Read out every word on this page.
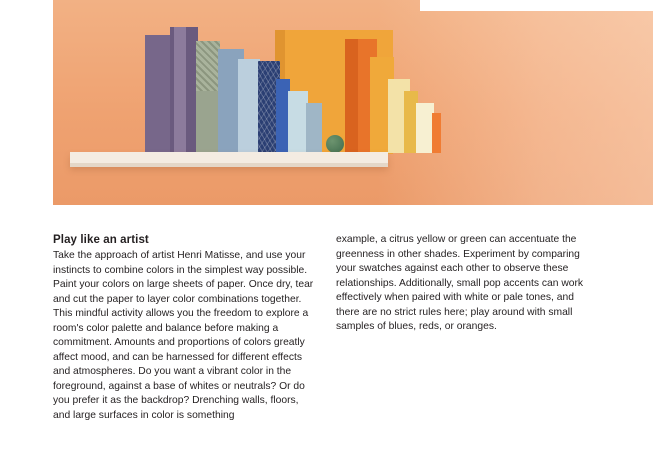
Play like an artist

Take the approach of artist Henri Matisse, and use your instincts to combine colors in the simplest way possible. Paint your colors on large sheets of paper. Once dry, tear and cut the paper to layer color combinations together. This mindful activity allows you the freedom to explore a room's color palette and balance before making a commitment. Amounts and proportions of colors greatly affect mood, and can be harnessed for different effects and atmospheres. Do you want a vibrant color in the foreground, against a base of whites or neutrals? Or do you prefer it as the backdrop? Drenching walls, floors, and large surfaces in color is something

example, a citrus yellow or green can accentuate the greenness in other shades. Experiment by comparing your swatches against each other to observe these relationships. Additionally, small pop accents can work effectively when paired with white or pale tones, and there are no strict rules here; play around with small samples of blues, reds, or oranges.
